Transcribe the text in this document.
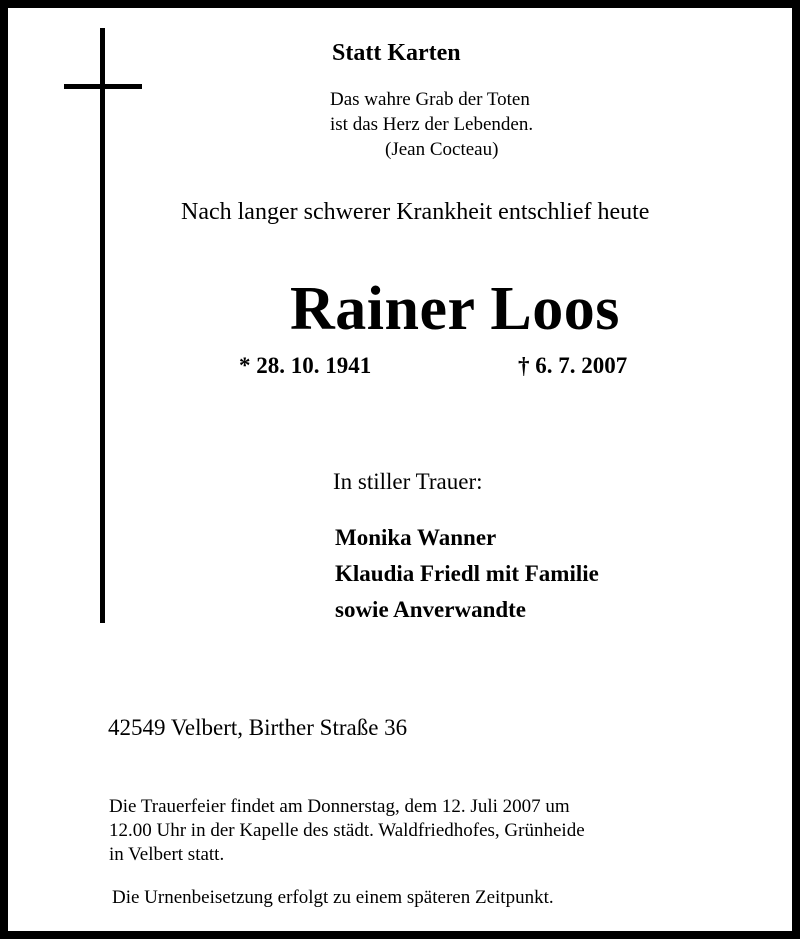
Statt Karten
Das wahre Grab der Toten
ist das Herz der Lebenden.
(Jean Cocteau)
Nach langer schwerer Krankheit entschlief heute
Rainer Loos
* 28. 10. 1941	† 6. 7. 2007
In stiller Trauer:
Monika Wanner
Klaudia Friedl mit Familie
sowie Anverwandte
42549 Velbert, Birther Straße 36
Die Trauerfeier findet am Donnerstag, dem 12. Juli 2007 um
12.00 Uhr in der Kapelle des städt. Waldfriedhofes, Grünheide
in Velbert statt.
Die Urnenbeisetzung erfolgt zu einem späteren Zeitpunkt.
